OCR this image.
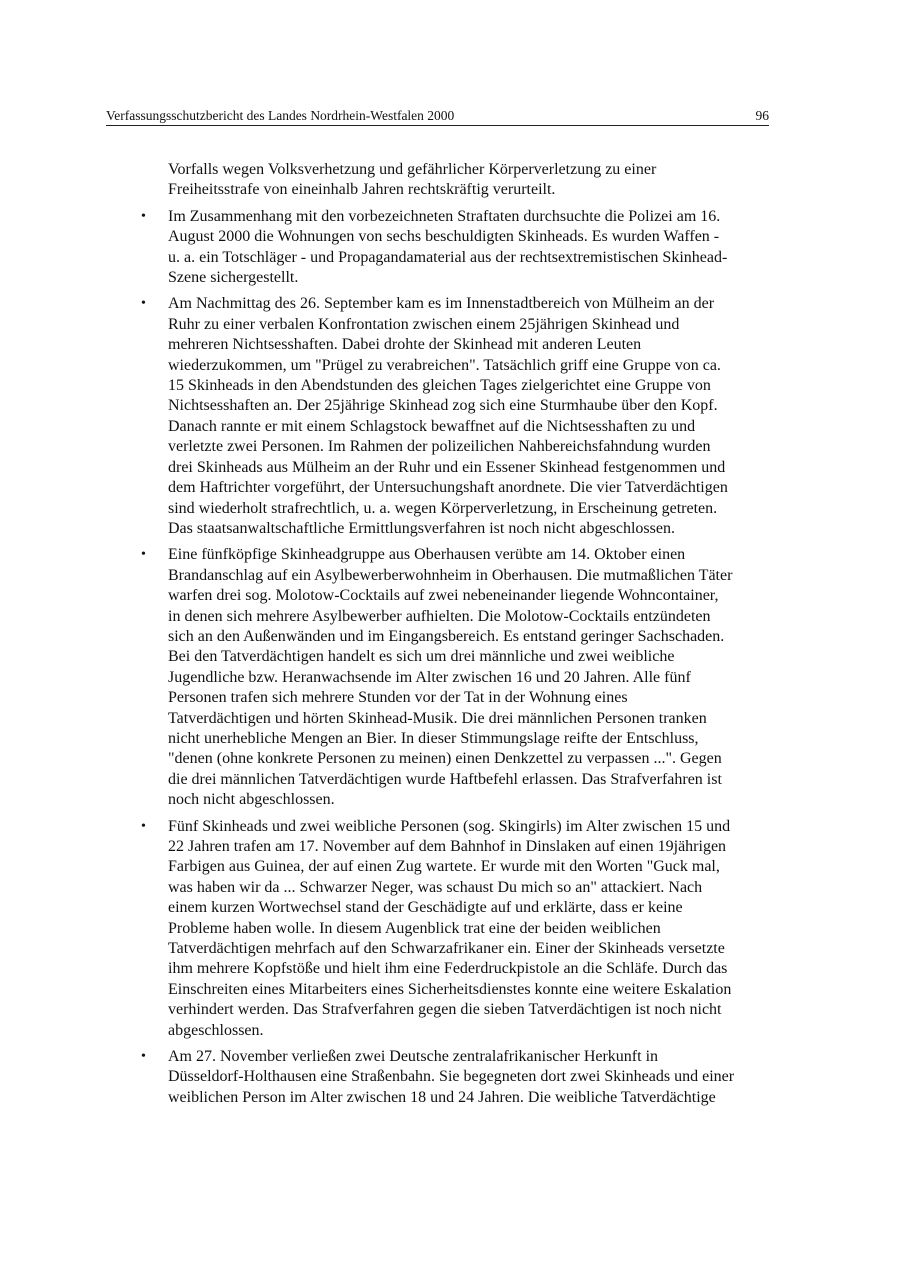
Verfassungsschutzbericht des Landes Nordrhein-Westfalen 2000	96

Vorfalls wegen Volksverhetzung und gefährlicher Körperverletzung zu einer
Freiheitsstrafe von eineinhalb Jahren rechtskräftig verurteilt.

• Im Zusammenhang mit den vorbezeichneten Straftaten durchsuchte die Polizei am 16.
August 2000 die Wohnungen von sechs beschuldigten Skinheads. Es wurden Waffen -
u. a. ein Totschläger - und Propagandamaterial aus der rechtsextremistischen Skinhead-
Szene sichergestellt.
• Am Nachmittag des 26. September kam es im Innenstadtbereich von Mülheim an der
Ruhr zu einer verbalen Konfrontation zwischen einem 25jährigen Skinhead und
mehreren Nichtsesshaften. Dabei drohte der Skinhead mit anderen Leuten
wiederzukommen, um "Prügel zu verabreichen". Tatsächlich griff eine Gruppe von ca.
15 Skinheads in den Abendstunden des gleichen Tages zielgerichtet eine Gruppe von
Nichtsesshaften an. Der 25jährige Skinhead zog sich eine Sturmhaube über den Kopf.
Danach rannte er mit einem Schlagstock bewaffnet auf die Nichtsesshaften zu und
verletzte zwei Personen. Im Rahmen der polizeilichen Nahbereichsfahndung wurden
drei Skinheads aus Mülheim an der Ruhr und ein Essener Skinhead festgenommen und
dem Haftrichter vorgeführt, der Untersuchungshaft anordnete. Die vier Tatverdächtigen
sind wiederholt strafrechtlich, u. a. wegen Körperverletzung, in Erscheinung getreten.
Das staatsanwaltschaftliche Ermittlungsverfahren ist noch nicht abgeschlossen.
• Eine fünfköpfige Skinheadgruppe aus Oberhausen verübte am 14. Oktober einen
Brandanschlag auf ein Asylbewerberwohnheim in Oberhausen. Die mutmaßlichen Täter
warfen drei sog. Molotow-Cocktails auf zwei nebeneinander liegende Wohncontainer,
in denen sich mehrere Asylbewerber aufhielten. Die Molotow-Cocktails entzündeten
sich an den Außenwänden und im Eingangsbereich. Es entstand geringer Sachschaden.
Bei den Tatverdächtigen handelt es sich um drei männliche und zwei weibliche
Jugendliche bzw. Heranwachsende im Alter zwischen 16 und 20 Jahren. Alle fünf
Personen trafen sich mehrere Stunden vor der Tat in der Wohnung eines
Tatverdächtigen und hörten Skinhead-Musik. Die drei männlichen Personen tranken
nicht unerhebliche Mengen an Bier. In dieser Stimmungslage reifte der Entschluss,
"denen (ohne konkrete Personen zu meinen) einen Denkzettel zu verpassen ...". Gegen
die drei männlichen Tatverdächtigen wurde Haftbefehl erlassen. Das Strafverfahren ist
noch nicht abgeschlossen.
• Fünf Skinheads und zwei weibliche Personen (sog. Skingirls) im Alter zwischen 15 und
22 Jahren trafen am 17. November auf dem Bahnhof in Dinslaken auf einen 19jährigen
Farbigen aus Guinea, der auf einen Zug wartete. Er wurde mit den Worten "Guck mal,
was haben wir da ... Schwarzer Neger, was schaust Du mich so an" attackiert. Nach
einem kurzen Wortwechsel stand der Geschädigte auf und erklärte, dass er keine
Probleme haben wolle. In diesem Augenblick trat eine der beiden weiblichen
Tatverdächtigen mehrfach auf den Schwarzafrikaner ein. Einer der Skinheads versetzte
ihm mehrere Kopfstöße und hielt ihm eine Federdruckpistole an die Schläfe. Durch das
Einschreiten eines Mitarbeiters eines Sicherheitsdienstes konnte eine weitere Eskalation
verhindert werden. Das Strafverfahren gegen die sieben Tatverdächtigen ist noch nicht
abgeschlossen.
• Am 27. November verließen zwei Deutsche zentralafrikanischer Herkunft in
Düsseldorf-Holthausen eine Straßenbahn. Sie begegneten dort zwei Skinheads und einer
weiblichen Person im Alter zwischen 18 und 24 Jahren. Die weibliche Tatverdächtige
